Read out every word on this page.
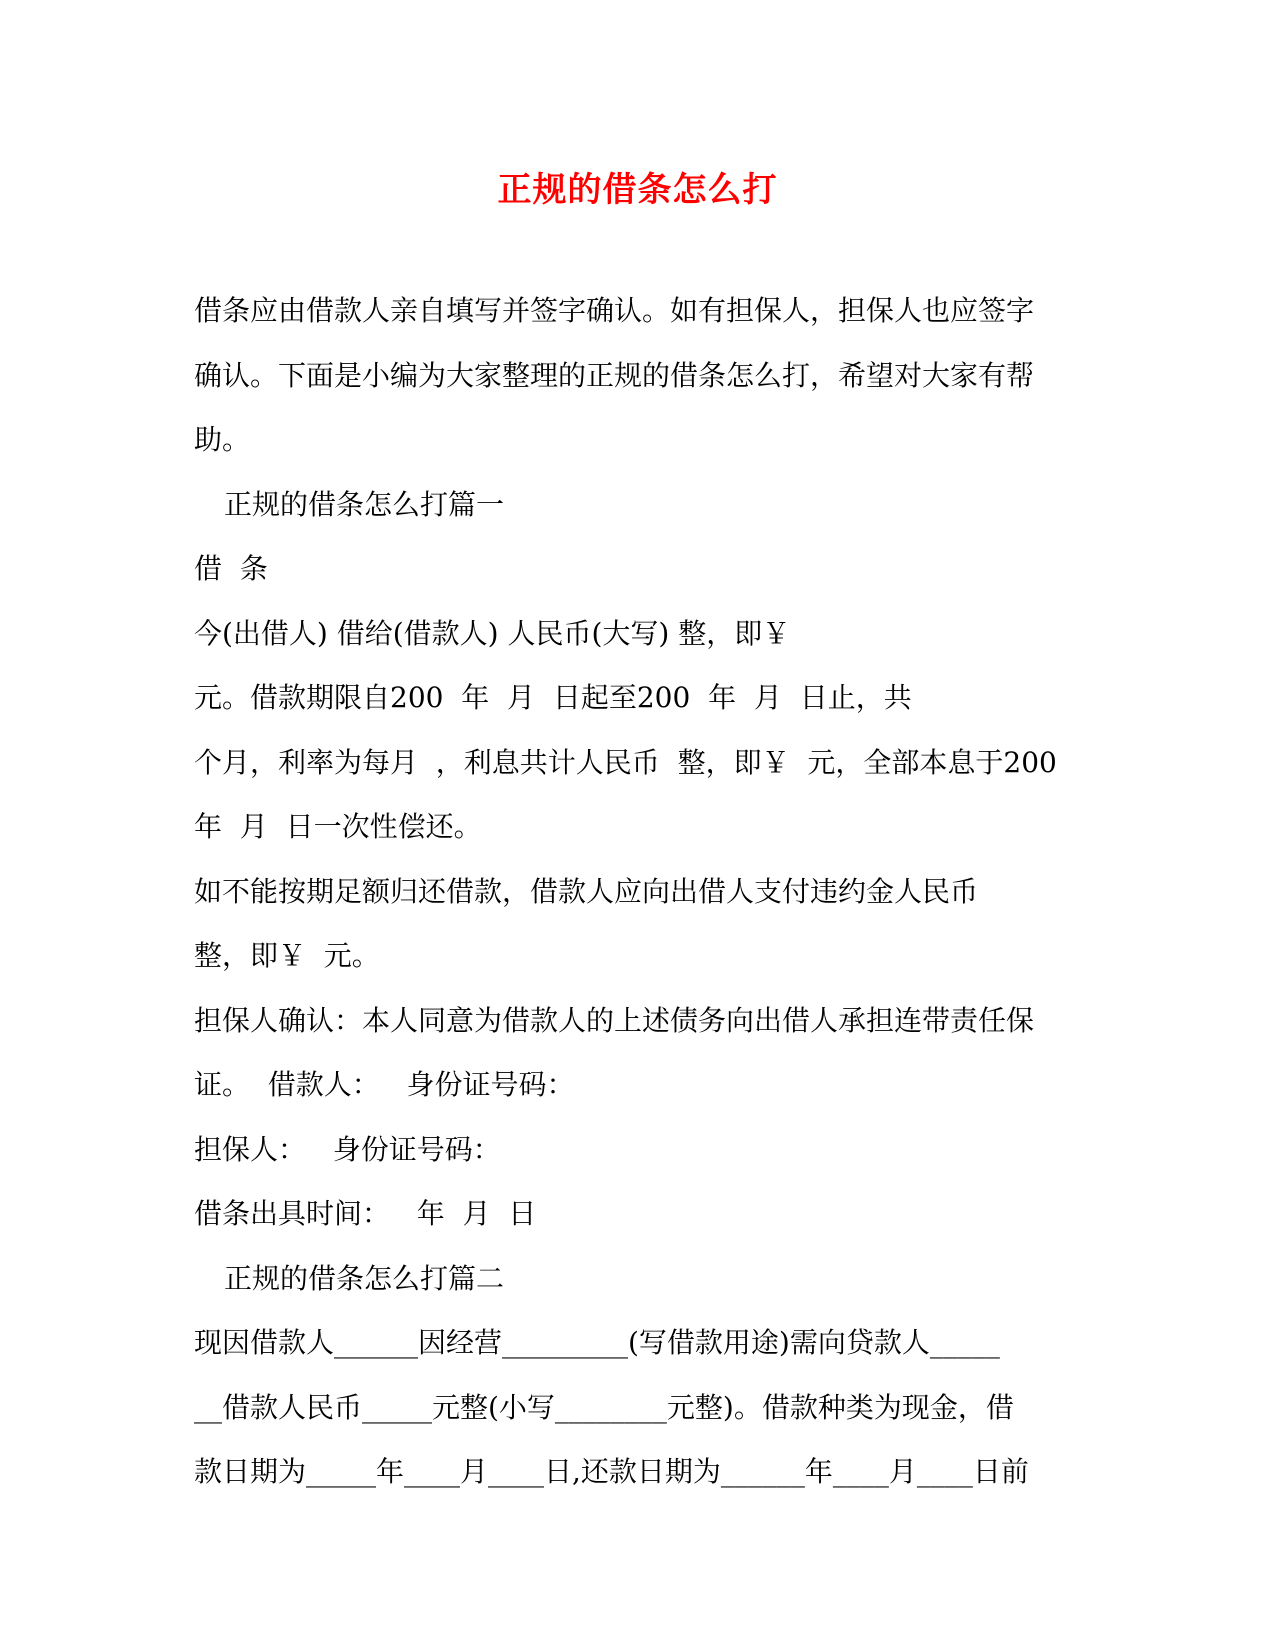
正规的借条怎么打
借条应由借款人亲自填写并签字确认。如有担保人，担保人也应签字
确认。下面是小编为大家整理的正规的借条怎么打，希望对大家有帮
助。
正规的借条怎么打篇一
借  条
今(出借人) 借给(借款人) 人民币(大写) 整，即￥
元。借款期限自200  年  月  日起至200  年  月  日止，共
个月，利率为每月  ，利息共计人民币  整，即￥  元，全部本息于200
年  月  日一次性偿还。
如不能按期足额归还借款，借款人应向出借人支付违约金人民币
整，即￥  元。
担保人确认：本人同意为借款人的上述债务向出借人承担连带责任保
证。  借款人：   身份证号码：
担保人：   身份证号码：
借条出具时间：   年  月  日
正规的借条怎么打篇二
现因借款人______因经营_________(写借款用途)需向贷款人_____
__借款人民币_____元整(小写________元整)。借款种类为现金，借
款日期为_____年____月____日,还款日期为______年____月____日前
